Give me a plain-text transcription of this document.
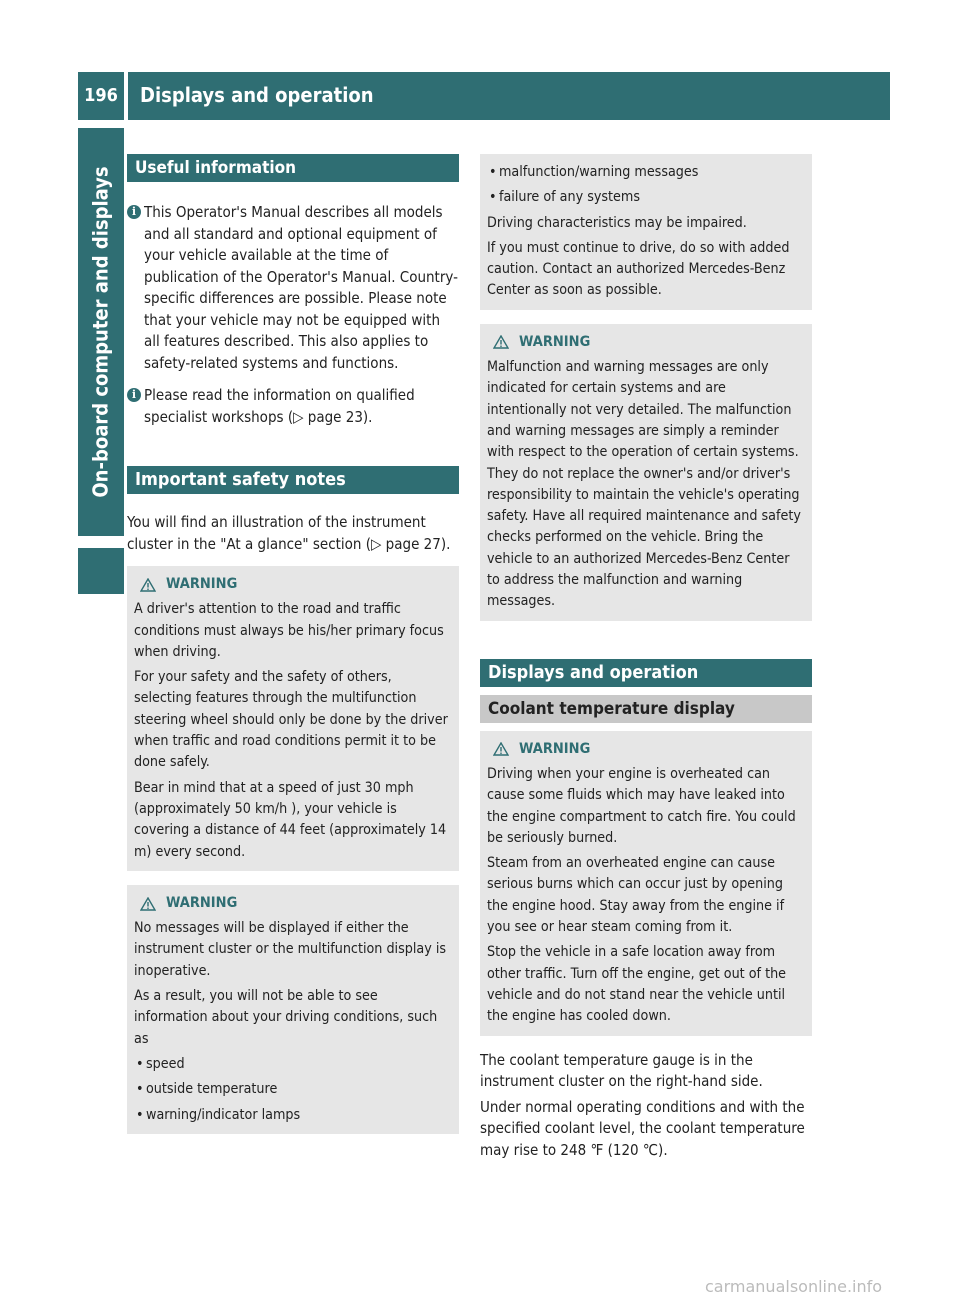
196	Displays and operation
On-board computer and displays	Useful information

i This Operator's Manual describes all models and all standard and optional equipment of your vehicle available at the time of publication of the Operator's Manual. Country-specific differences are possible. Please note that your vehicle may not be equipped with all features described. This also applies to safety-related systems and functions.

i Please read the information on qualified specialist workshops (▷ page 23).

Important safety notes

You will find an illustration of the instrument cluster in the "At a glance" section (▷ page 27).

WARNING

A driver's attention to the road and traffic conditions must always be his/her primary focus when driving.

For your safety and the safety of others, selecting features through the multifunction steering wheel should only be done by the driver when traffic and road conditions permit it to be done safely.

Bear in mind that at a speed of just 30 mph (approximately 50 km/h ), your vehicle is covering a distance of 44 feet (approximately 14 m) every second.

WARNING

No messages will be displayed if either the instrument cluster or the multifunction display is inoperative.

As a result, you will not be able to see information about your driving conditions, such as

• speed

• outside temperature

• warning/indicator lamps

• malfunction/warning messages

• failure of any systems

Driving characteristics may be impaired.

If you must continue to drive, do so with added caution. Contact an authorized Mercedes-Benz Center as soon as possible.

WARNING

Malfunction and warning messages are only indicated for certain systems and are intentionally not very detailed. The malfunction and warning messages are simply a reminder with respect to the operation of certain systems. They do not replace the owner's and/or driver's responsibility to maintain the vehicle's operating safety. Have all required maintenance and safety checks performed on the vehicle. Bring the vehicle to an authorized Mercedes-Benz Center to address the malfunction and warning messages.

Displays and operation
Coolant temperature display
WARNING

Driving when your engine is overheated can cause some fluids which may have leaked into the engine compartment to catch fire. You could be seriously burned.

Steam from an overheated engine can cause serious burns which can occur just by opening the engine hood. Stay away from the engine if you see or hear steam coming from it.

Stop the vehicle in a safe location away from other traffic. Turn off the engine, get out of the vehicle and do not stand near the vehicle until the engine has cooled down.

The coolant temperature gauge is in the instrument cluster on the right-hand side.

Under normal operating conditions and with the specified coolant level, the coolant temperature may rise to 248 ℉ (120 ℃).

carmanualsonline.info
